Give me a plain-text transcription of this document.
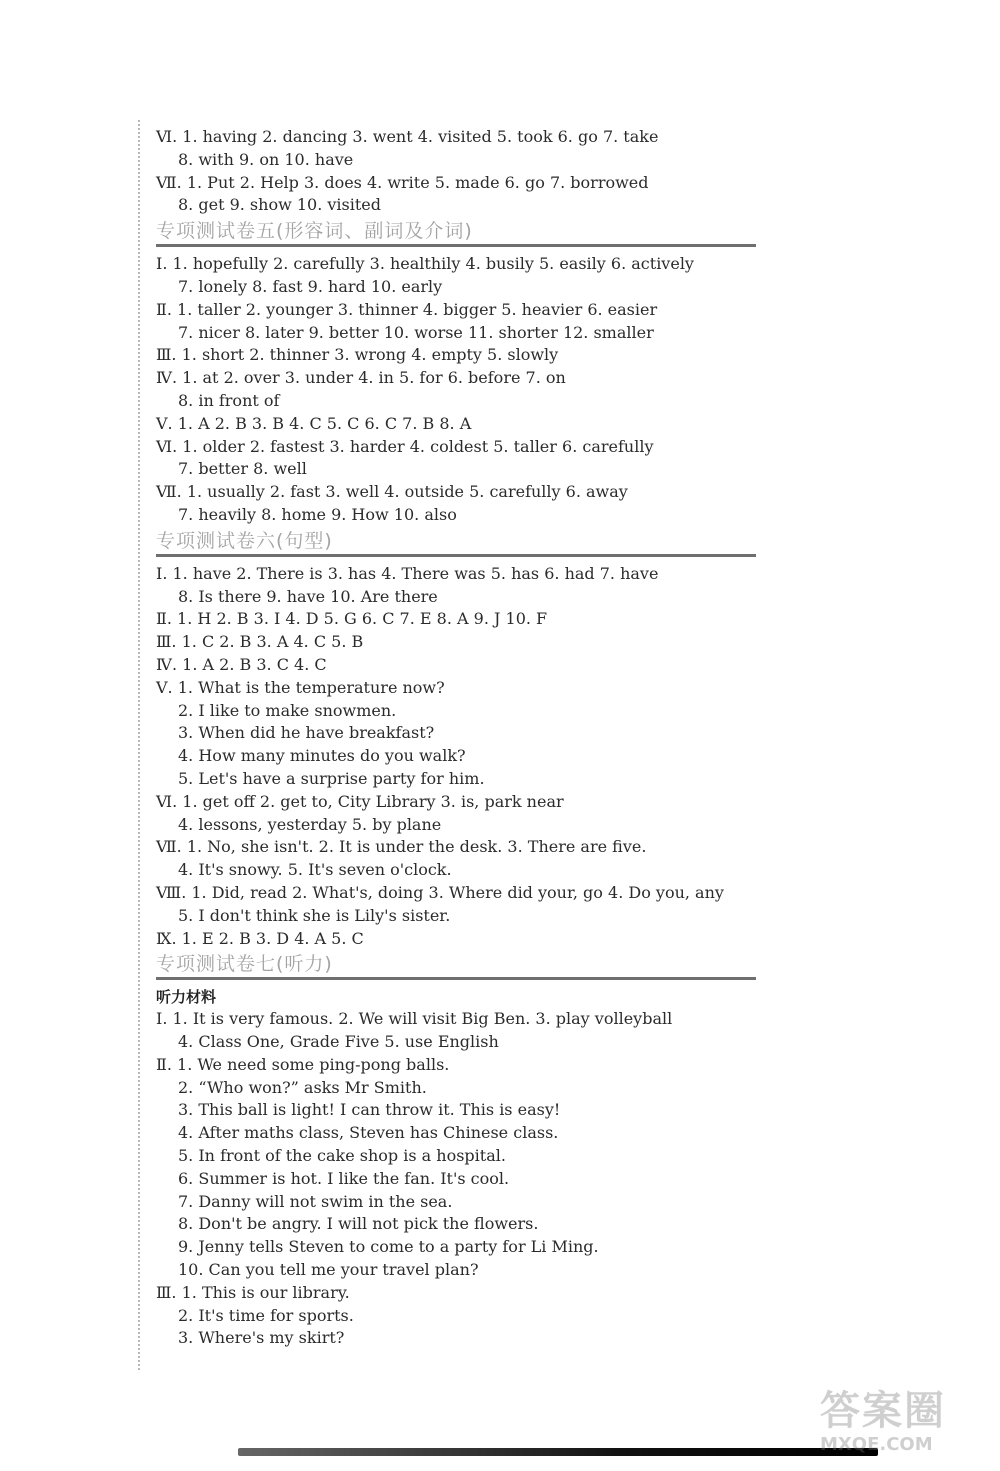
Ⅵ. 1. having 2. dancing 3. went 4. visited 5. took 6. go 7. take
8. with 9. on 10. have
Ⅶ. 1. Put 2. Help 3. does 4. write 5. made 6. go 7. borrowed
8. get 9. show 10. visited
专项测试卷五(形容词、副词及介词)
Ⅰ. 1. hopefully 2. carefully 3. healthily 4. busily 5. easily 6. actively
7. lonely 8. fast 9. hard 10. early
Ⅱ. 1. taller 2. younger 3. thinner 4. bigger 5. heavier 6. easier
7. nicer 8. later 9. better 10. worse 11. shorter 12. smaller
Ⅲ. 1. short 2. thinner 3. wrong 4. empty 5. slowly
Ⅳ. 1. at 2. over 3. under 4. in 5. for 6. before 7. on
8. in front of
Ⅴ. 1. A 2. B 3. B 4. C 5. C 6. C 7. B 8. A
Ⅵ. 1. older 2. fastest 3. harder 4. coldest 5. taller 6. carefully
7. better 8. well
Ⅶ. 1. usually 2. fast 3. well 4. outside 5. carefully 6. away
7. heavily 8. home 9. How 10. also
专项测试卷六(句型)
Ⅰ. 1. have 2. There is 3. has 4. There was 5. has 6. had 7. have
8. Is there 9. have 10. Are there
Ⅱ. 1. H 2. B 3. I 4. D 5. G 6. C 7. E 8. A 9. J 10. F
Ⅲ. 1. C 2. B 3. A 4. C 5. B
Ⅳ. 1. A 2. B 3. C 4. C
Ⅴ. 1. What is the temperature now?
2. I like to make snowmen.
3. When did he have breakfast?
4. How many minutes do you walk?
5. Let's have a surprise party for him.
Ⅵ. 1. get off 2. get to, City Library 3. is, park near
4. lessons, yesterday 5. by plane
Ⅶ. 1. No, she isn't. 2. It is under the desk. 3. There are five.
4. It's snowy. 5. It's seven o'clock.
Ⅷ. 1. Did, read 2. What's, doing 3. Where did your, go 4. Do you, any
5. I don't think she is Lily's sister.
Ⅸ. 1. E 2. B 3. D 4. A 5. C
专项测试卷七(听力)
听力材料
Ⅰ. 1. It is very famous. 2. We will visit Big Ben. 3. play volleyball
4. Class One, Grade Five 5. use English
Ⅱ. 1. We need some ping-pong balls.
2. “Who won?” asks Mr Smith.
3. This ball is light! I can throw it. This is easy!
4. After maths class, Steven has Chinese class.
5. In front of the cake shop is a hospital.
6. Summer is hot. I like the fan. It's cool.
7. Danny will not swim in the sea.
8. Don't be angry. I will not pick the flowers.
9. Jenny tells Steven to come to a party for Li Ming.
10. Can you tell me your travel plan?
Ⅲ. 1. This is our library.
2. It's time for sports.
3. Where's my skirt?
答案圈
MXQE.COM
